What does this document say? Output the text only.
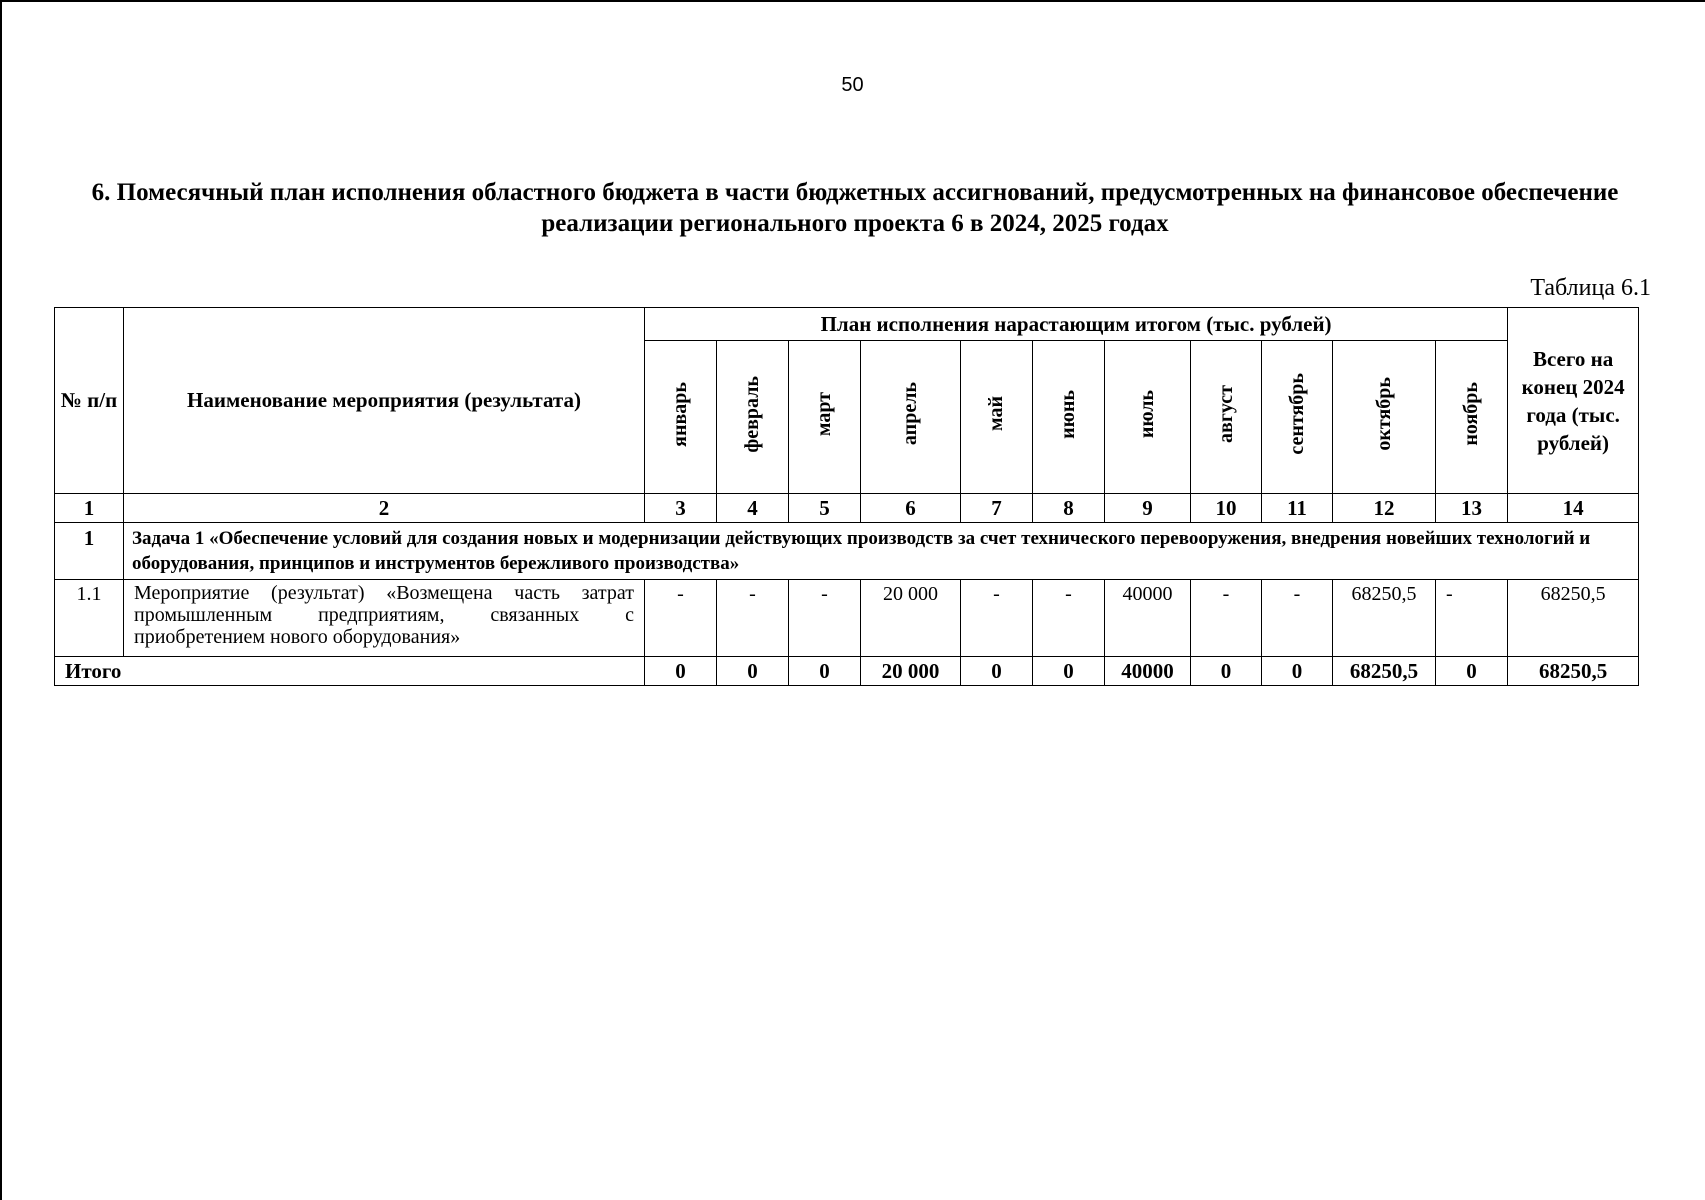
50
6. Помесячный план исполнения областного бюджета в части бюджетных ассигнований, предусмотренных на финансовое обеспечение реализации регионального проекта 6 в 2024, 2025 годах
Таблица 6.1
№ п/п	Наименование мероприятия (результата)	План исполнения нарастающим итогом (тыс. рублей)											Всего на конец 2024 года (тыс. рублей)
		январь	февраль	март	апрель	май	июнь	июль	август	сентябрь	октябрь	ноябрь	
1	2	3	4	5	6	7	8	9	10	11	12	13	14
1	Задача 1 «Обеспечение условий для создания новых и модернизации действующих производств за счет технического перевооружения, внедрения новейших технологий и оборудования, принципов и инструментов бережливого производства»												
1.1	Мероприятие (результат) «Возмещена часть затрат промышленным предприятиям, связанных с приобретением нового оборудования»	-	-	-	20 000	-	-	40000	-	-	68250,5	-	68250,5
Итого		0	0	0	20 000	0	0	40000	0	0	68250,5	0	68250,5
